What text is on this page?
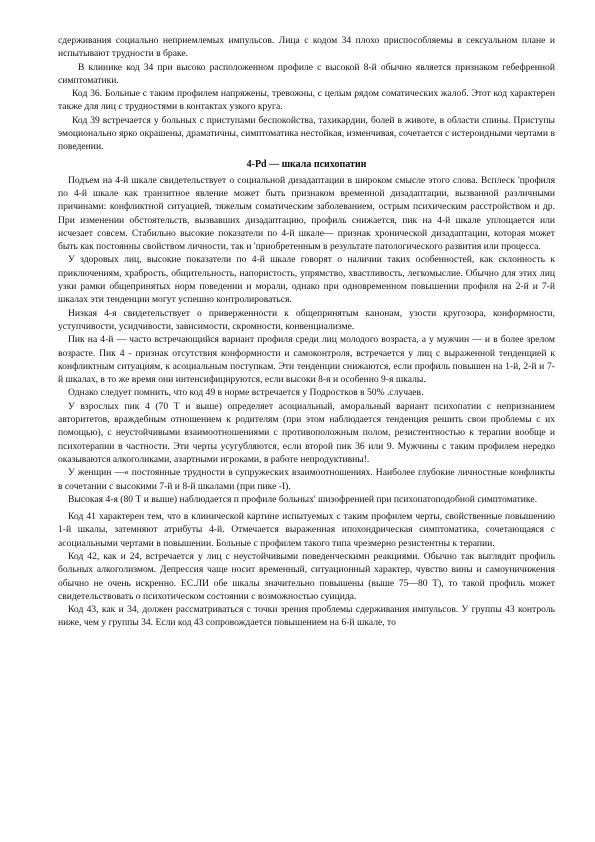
сдерживания социально неприемлемых импульсов. Лица с кодом 34 плохо приспособляемы в сексуальном плане и испытывают трудности в браке.

В клинике код 34 при высоко расположенном профиле с высокой 8-й обычно является признаком гебефренной симптоматики.

Код 36. Больные с таким профилем напряжены, тревожны, с целым рядом соматических жалоб. Этот код характерен также для лиц с трудностями в контактах узкого круга.

Код 39 встречается у больных с приступами беспокойства, тахикардии, болей в животе, в области спины. Приступы эмоционально ярко окрашены, драматичны, симптоматика нестойкая, изменчивая, сочетается с истероидными чертами в поведении.

4-Pd — шкала психопатии

Подъем на 4-й шкале свидетельствует о социальной дизадаптации в широком смысле этого слова. Всплеск 'профиля по 4-й шкале как транзитное явление может быть признаком временной дизадаптации, вызванной различными причинами: конфликтной ситуацией, тяжелым соматическим заболеванием, острым психическим расстройством и др. При изменении обстоятельств, вызвавших дизадаптацию, профиль снижается, пик на 4-й шкале уплощается или исчезает совсем. Стабильно высокие показатели по 4-й шкале— признак хронической дизадаптации, которая может быть как постоянны свойством личности, так и 'приобретенным в результате патологического развития или процесса.

У здоровых лиц, высокие показатели по 4-й шкале говорят о наличии таких особенностей, как склонность к приключениям, храбрость, общительность, напористость, упрямство, хвастливость, легкомыслие. Обычно для этих лиц узки рамки общепринятых норм поведении и морали, однако при одновременном повышении профиля на 2-й и 7-й шкалах эти тенденции могут успешно контролироваться.

Низкая 4-я свидетельствует о приверженности к общепринятым канонам, узости кругозора, конформности, уступчивости, усидчивости, зависимости, скромности, конвенциализме.

Пик на 4-й — часто встречающийся вариант профиля среди лиц молодого возраста, а у мужчин — и в более зрелом возрасте. Пик 4 - признак отсутствия конформности и самоконтроля, встречается у лиц с выраженной тенденцией к конфликтным ситуациям, к асоциальным поступкам. Эти тенденции снижаются, если профиль повышен на 1-й, 2-й и 7-й шкалах, в то же время они интенсифицируются, если высоки 8-я и особенно 9-я шкалы.

Однако следует помнить, что код 49 в норме встречается у Подростков в 50% .случаев.

У взрослых пик 4 (70 Т и выше) определяет асоциальный, аморальный вариант психопатии с непризнанием авторитетов, враждебным отношением к родителям (при этом наблюдается тенденция решить свои проблемы с их помощью), с неустойчивыми взаимоотношениями с противоположным полом, резистентностью к терапии вообще и психотерапии в частности. Эти черты усугубляются, если второй пик 36 или 9. Мужчины с таким профилем нередко оказываются алкоголиками, азартными игроками, в работе непродуктивны!.

У женщин —« постоянные трудности в супружеских взаимоотношениях. Наиболее глубокие личностные конфликты в сочетании с высокими 7-й и 8-й шкалами (при пике -I).

Высокая 4-я (80 Т и выше) наблюдается п профиле больных' шизофренией при психопатоподобной симптоматике.

Код 41 характерен тем, что в клинической картине испытуемых с таким профилем черты, свойственные повышению 1-й шкалы, затемняют атрибуты 4-й. Отмечается выраженная ипохондрическая симптоматика, сочетающаяся с асоциальными чертами в повышении. Больные с профилем такого типа чрезмерно резистентны к терапии.

Код 42, как и 24, встречается у лиц с неустойчивыми поведенческимн реакциями. Обычно так выглядит профиль больных алкоголизмом. Депрессия чаще носит временный, ситуационный характер, чувство вины и самоуничижения обычно не очень искренно. ЕС.ЛИ обе шкалы значительно повышены (выше 75—80 Т), то такой профиль может свидетельствовать о психотическом состоянии с возможностью суицида.

Код 43, как и 34, должен рассматриваться с точки зрения проблемы сдерживания импульсов. У группы 43 контроль ниже, чем у группы 34. Если код 43 сопровождается повышением на 6-й шкале, то
